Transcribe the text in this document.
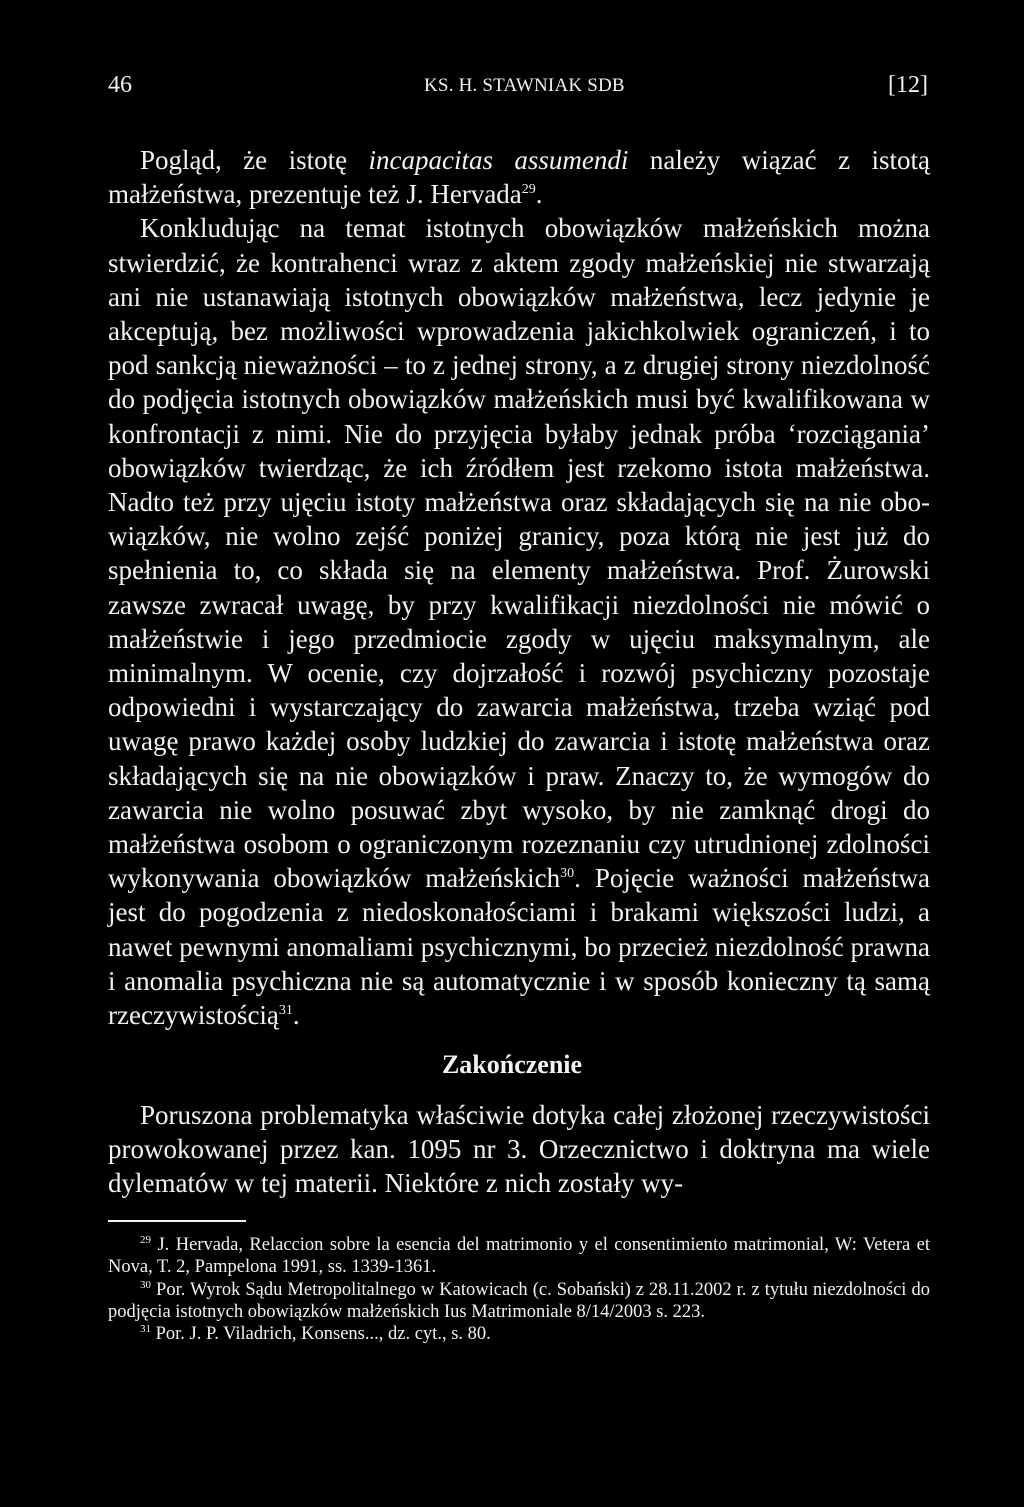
46	KS. H. STAWNIAK SDB	[12]

Pogląd, że istotę incapacitas assumendi należy wiązać z istotą małżeństwa, prezentuje też J. Hervada$^{29}$.

Konkludując na temat istotnych obowiązków małżeńskich można stwierdzić, że kontrahenci wraz z aktem zgody małżeńskiej nie stwarzają ani nie ustanawiają istotnych obowiązków małżeństwa, lecz jedynie je akceptują, bez możliwości wprowadzenia jakichkolwiek ograniczeń, i to pod sankcją nieważności – to z jednej strony, a z drugiej strony niezdolność do podjęcia istotnych obowiązków małżeńskich musi być kwalifikowana w konfrontacji z nimi. Nie do przyjęcia byłaby jednak próba ‘rozciągania’ obowiązków twierdząc, że ich źródłem jest rzekomo istota małżeństwa. Nadto też przy ujęciu istoty małżeństwa oraz składających się na nie obowiązków, nie wolno zejść poniżej granicy, poza którą nie jest już do spełnienia to, co składa się na elementy małżeństwa. Prof. Żurowski zawsze zwracał uwagę, by przy kwalifikacji niezdolności nie mówić o małżeństwie i jego przedmiocie zgody w ujęciu maksymalnym, ale minimalnym. W ocenie, czy dojrzałość i rozwój psychiczny pozostaje odpowiedni i wystarczający do zawarcia małżeństwa, trzeba wziąć pod uwagę prawo każdej osoby ludzkiej do zawarcia i istotę małżeństwa oraz składających się na nie obowiązków i praw. Znaczy to, że wymogów do zawarcia nie wolno posuwać zbyt wysoko, by nie zamknąć drogi do małżeństwa osobom o ograniczonym rozeznaniu czy utrudnionej zdolności wykonywania obowiązków małżeńskich$^{30}$. Pojęcie ważności małżeństwa jest do pogodzenia z niedoskonałościami i brakami większości ludzi, a nawet pewnymi anomaliami psychicznymi, bo przecież niezdolność prawna i anomalia psychiczna nie są automatycznie i w sposób konieczny tą samą rzeczywistością$^{31}$.

Zakończenie

Poruszona problematyka właściwie dotyka całej złożonej rzeczywistości prowokowanej przez kan. 1095 nr 3. Orzecznictwo i doktryna ma wiele dylematów w tej materii. Niektóre z nich zostały wy-

$^{29}$ J. Hervada, Relaccion sobre la esencia del matrimonio y el consentimiento matrimonial, W: Vetera et Nova, T. 2, Pampelona 1991, ss. 1339-1361.

$^{30}$ Por. Wyrok Sądu Metropolitalnego w Katowicach (c. Sobański) z 28.11.2002 r. z tytułu niezdolności do podjęcia istotnych obowiązków małżeńskich Ius Matrimoniale 8/14/2003 s. 223.

$^{31}$ Por. J. P. Viladrich, Konsens..., dz. cyt., s. 80.
